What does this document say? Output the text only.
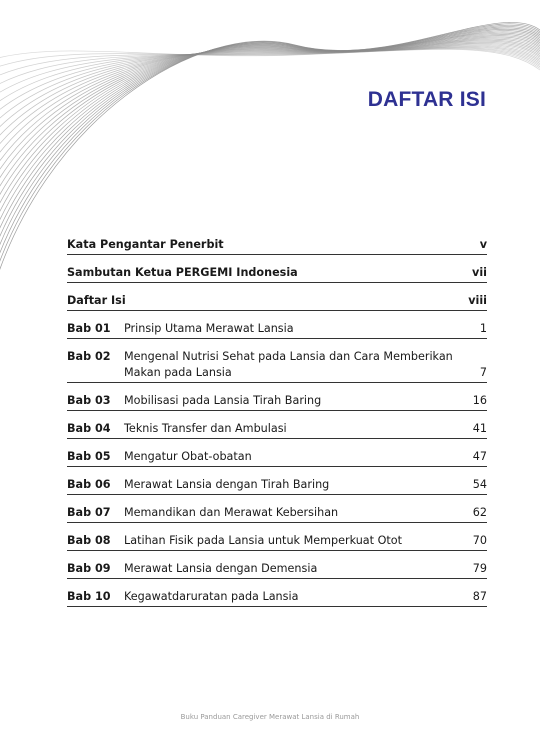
DAFTAR ISI
Kata Pengantar Penerbit	v
Sambutan Ketua PERGEMI Indonesia	vii
Daftar Isi	viii
Bab 01	Prinsip Utama Merawat Lansia	1
Bab 02	Mengenal Nutrisi Sehat pada Lansia dan Cara Memberikan
Makan pada Lansia	7
Bab 03	Mobilisasi pada Lansia Tirah Baring	16
Bab 04	Teknis Transfer dan Ambulasi	41
Bab 05	Mengatur Obat-obatan	47
Bab 06	Merawat Lansia dengan Tirah Baring	54
Bab 07	Memandikan dan Merawat Kebersihan	62
Bab 08	Latihan Fisik pada Lansia untuk Memperkuat Otot	70
Bab 09	Merawat Lansia dengan Demensia	79
Bab 10	Kegawatdaruratan pada Lansia	87
Buku Panduan Caregiver Merawat Lansia di Rumah
